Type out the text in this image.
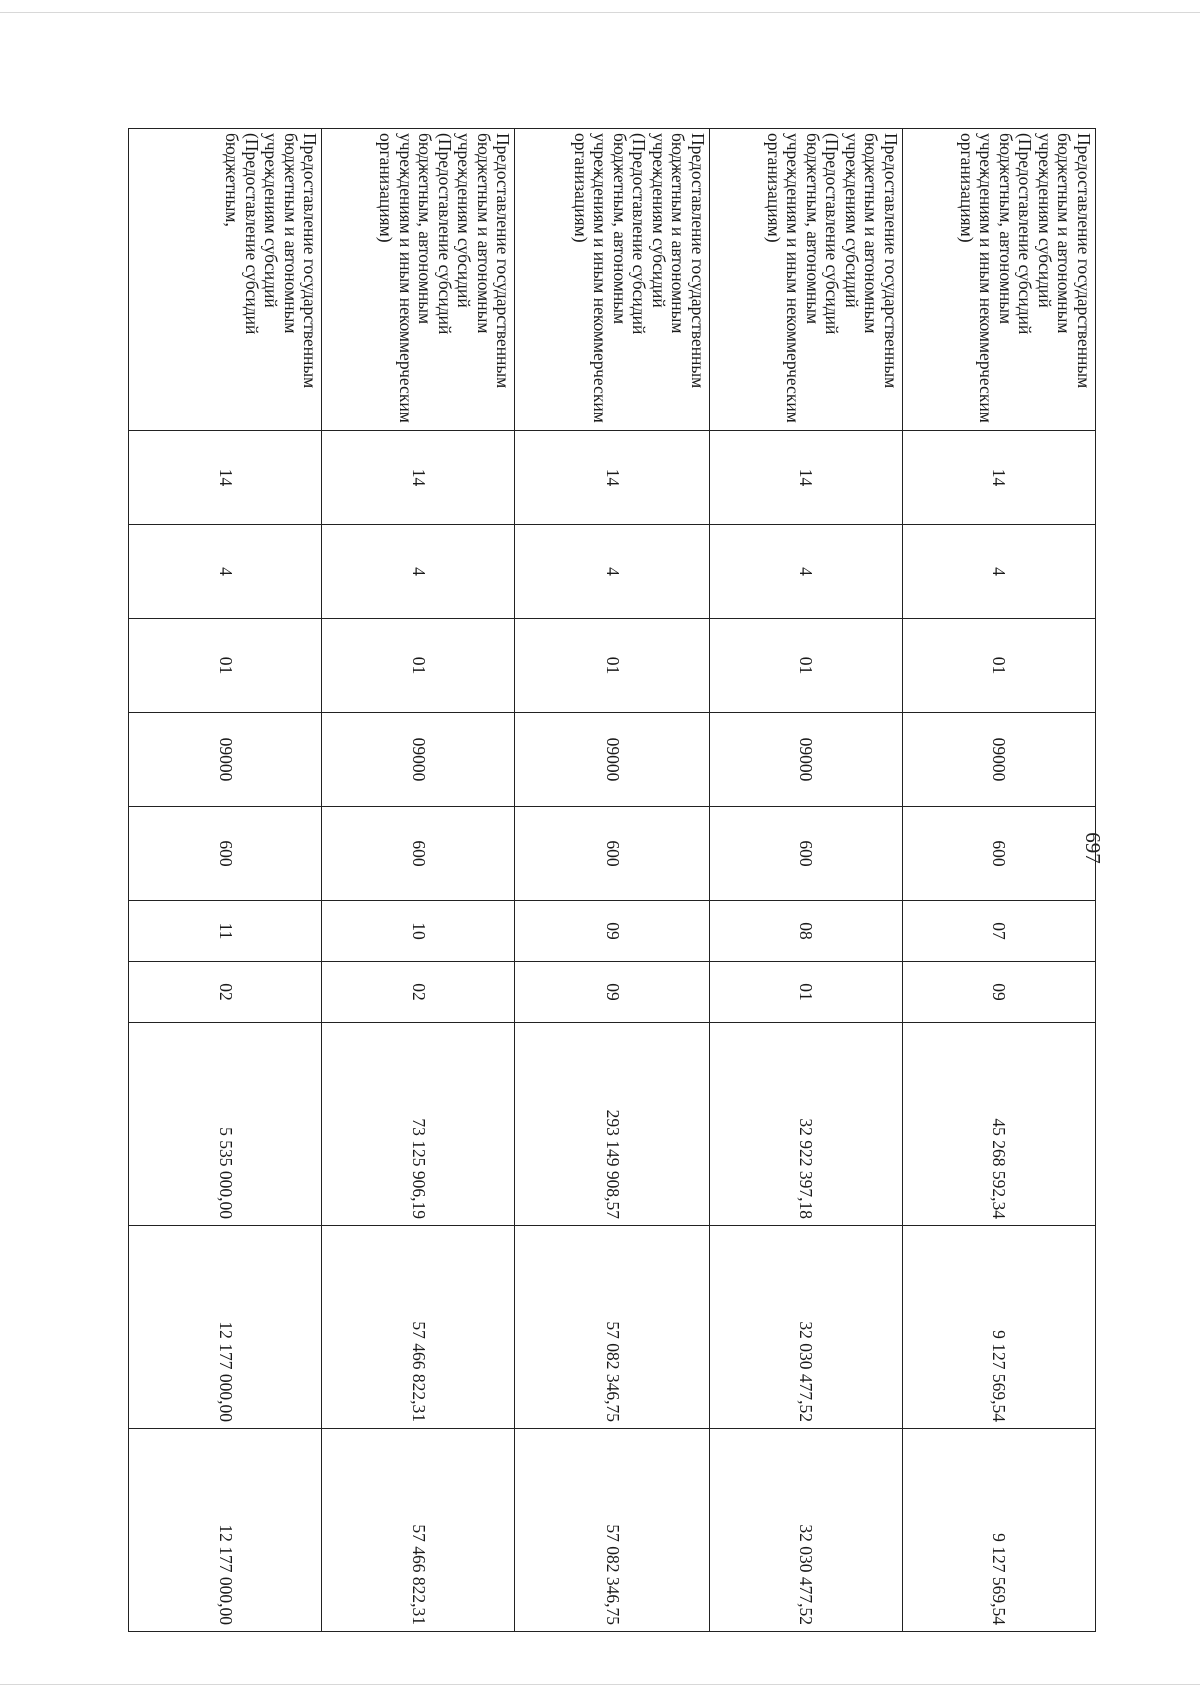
697
Предоставление государственным бюджетным и автономным учреждениям субсидий (Предоставление субсидий бюджетным, автономным учреждениям и иным некоммерческим организациям)	14	4	01	09000	600	07	09	45 268 592,34	9 127 569,54	9 127 569,54
Предоставление государственным бюджетным и автономным учреждениям субсидий (Предоставление субсидий бюджетным, автономным учреждениям и иным некоммерческим организациям)	14	4	01	09000	600	08	01	32 922 397,18	32 030 477,52	32 030 477,52
Предоставление государственным бюджетным и автономным учреждениям субсидий (Предоставление субсидий бюджетным, автономным учреждениям и иным некоммерческим организациям)	14	4	01	09000	600	09	09	293 149 908,57	57 082 346,75	57 082 346,75
Предоставление государственным бюджетным и автономным учреждениям субсидий (Предоставление субсидий бюджетным, автономным учреждениям и иным некоммерческим организациям)	14	4	01	09000	600	10	02	73 125 906,19	57 466 822,31	57 466 822,31
Предоставление государственным бюджетным и автономным учреждениям субсидий (Предоставление субсидий бюджетным,	14	4	01	09000	600	11	02	5 535 000,00	12 177 000,00	12 177 000,00
